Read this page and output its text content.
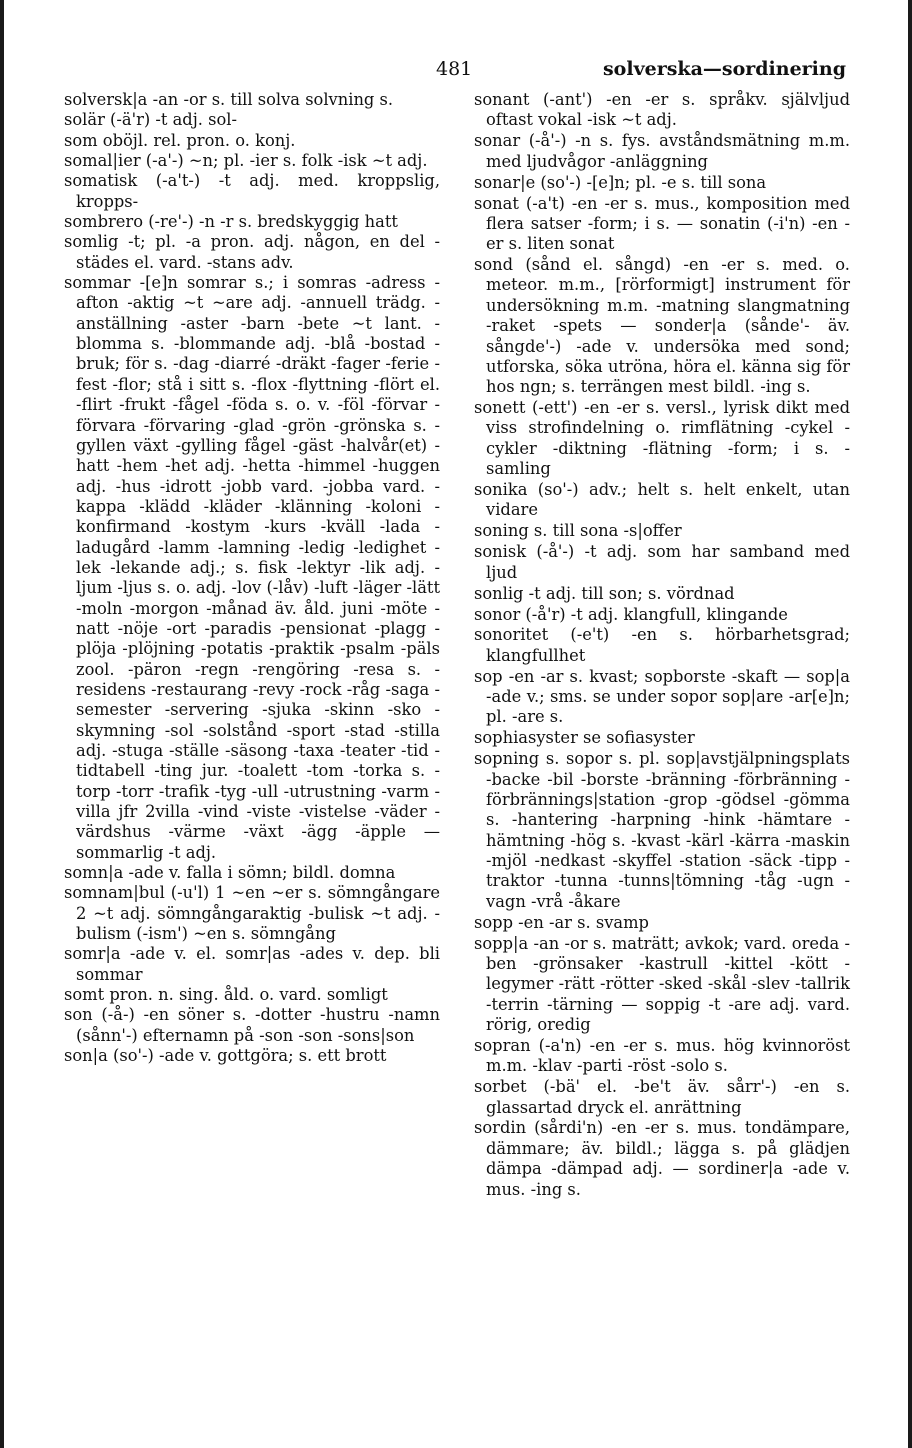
481	solverska—sordinering

solversk|a -an -or s. till solva solvning s.

solär (-ä'r) -t adj. sol-

som oböjl. rel. pron. o. konj.

somal|ier (-a'-) ~n; pl. -ier s. folk -isk ~t adj.

somatisk (-a't-) -t adj. med. kroppslig, kropps-

sombrero (-re'-) -n -r s. bredskyggig hatt

somlig -t; pl. -a pron. adj. någon, en del -städes el. vard. -stans adv.

sommar -[e]n somrar s.; i somras -adress -afton -aktig ~t ~are adj. -annuell trädg. -anställning -aster -barn -bete ~t lant. -blomma s. -blommande adj. -blå -bostad -bruk; för s. -dag -diarré -dräkt -fager -ferie -fest -flor; stå i sitt s. -flox -flyttning -flört el. -flirt -frukt -fågel -föda s. o. v. -föl -förvar -förvara -förvaring -glad -grön -grönska s. -gyllen växt -gylling fågel -gäst -halvår(et) -hatt -hem -het adj. -hetta -himmel -huggen adj. -hus -idrott -jobb vard. -jobba vard. -kappa -klädd -kläder -klänning -koloni -konfirmand -kostym -kurs -kväll -lada -ladugård -lamm -lamning -ledig -ledighet -lek -lekande adj.; s. fisk -lektyr -lik adj. -ljum -ljus s. o. adj. -lov (-låv) -luft -läger -lätt -moln -morgon -månad äv. åld. juni -möte -natt -nöje -ort -paradis -pensionat -plagg -plöja -plöjning -potatis -praktik -psalm -päls zool. -päron -regn -rengöring -resa s. -residens -restaurang -revy -rock -råg -saga -semester -servering -sjuka -skinn -sko -skymning -sol -solstånd -sport -stad -stilla adj. -stuga -ställe -säsong -taxa -teater -tid -tidtabell -ting jur. -toalett -tom -torka s. -torp -torr -trafik -tyg -ull -utrustning -varm -villa jfr 2villa -vind -viste -vistelse -väder -värdshus -värme -växt -ägg -äpple — sommarlig -t adj.

somn|a -ade v. falla i sömn; bildl. domna

somnam|bul (-u'l) 1 ~en ~er s. sömngångare 2 ~t adj. sömngångaraktig -bulisk ~t adj. -bulism (-ism') ~en s. sömngång

somr|a -ade v. el. somr|as -ades v. dep. bli sommar

somt pron. n. sing. åld. o. vard. somligt

son (-å-) -en söner s. -dotter -hustru -namn (sånn'-) efternamn på -son -son -sons|son

son|a (so'-) -ade v. gottgöra; s. ett brott

sonant (-ant') -en -er s. språkv. självljud oftast vokal -isk ~t adj.

sonar (-å'-) -n s. fys. avståndsmätning m.m. med ljudvågor -anläggning

sonar|e (so'-) -[e]n; pl. -e s. till sona

sonat (-a't) -en -er s. mus., komposition med flera satser -form; i s. — sonatin (-i'n) -en -er s. liten sonat

sond (sånd el. sångd) -en -er s. med. o. meteor. m.m., [rörformigt] instrument för undersökning m.m. -matning slangmatning -raket -spets — sonder|a (sånde'- äv. sångde'-) -ade v. undersöka med sond; utforska, söka utröna, höra el. känna sig för hos ngn; s. terrängen mest bildl. -ing s.

sonett (-ett') -en -er s. versl., lyrisk dikt med viss strofindelning o. rimflätning -cykel -cykler -diktning -flätning -form; i s. -samling

sonika (so'-) adv.; helt s. helt enkelt, utan vidare

soning s. till sona -s|offer

sonisk (-å'-) -t adj. som har samband med ljud

sonlig -t adj. till son; s. vördnad

sonor (-å'r) -t adj. klangfull, klingande

sonoritet (-e't) -en s. hörbarhetsgrad; klangfullhet

sop -en -ar s. kvast; sopborste -skaft — sop|a -ade v.; sms. se under sopor sop|are -ar[e]n; pl. -are s.

sophiasyster se sofiasyster

sopning s. sopor s. pl. sop|avstjälpningsplats -backe -bil -borste -bränning -förbränning -förbrännings|station -grop -gödsel -gömma s. -hantering -harpning -hink -hämtare -hämtning -hög s. -kvast -kärl -kärra -maskin -mjöl -nedkast -skyffel -station -säck -tipp -traktor -tunna -tunns|tömning -tåg -ugn -vagn -vrå -åkare

sopp -en -ar s. svamp

sopp|a -an -or s. maträtt; avkok; vard. oreda -ben -grönsaker -kastrull -kittel -kött -legymer -rätt -rötter -sked -skål -slev -tallrik -terrin -tärning — soppig -t -are adj. vard. rörig, oredig

sopran (-a'n) -en -er s. mus. hög kvinnoröst m.m. -klav -parti -röst -solo s.

sorbet (-bä' el. -be't äv. sårr'-) -en s. glassartad dryck el. anrättning

sordin (sårdi'n) -en -er s. mus. tondämpare, dämmare; äv. bildl.; lägga s. på glädjen dämpa -dämpad adj. — sordiner|a -ade v. mus. -ing s.
